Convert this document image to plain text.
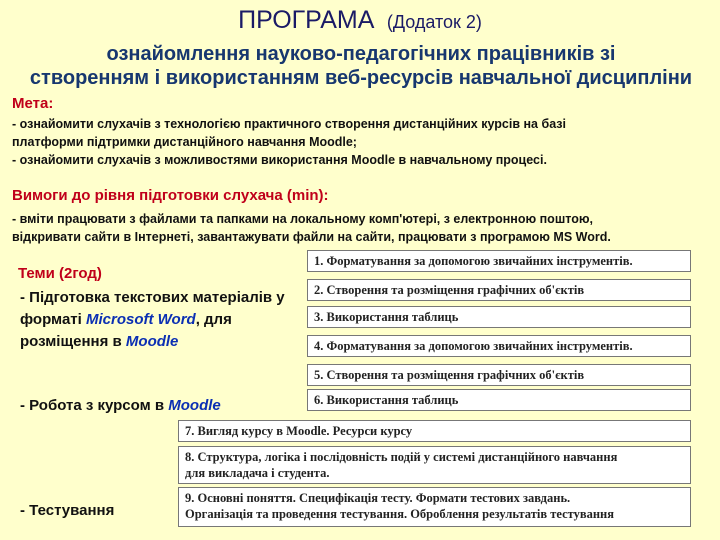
ПРОГРАМА (Додаток 2)
ознайомлення науково-педагогічних працівників зі
створенням і використанням веб-ресурсів навчальної дисципліни
Мета:
- ознайомити слухачів з технологією практичного створення дистанційних курсів на базі
платформи підтримки дистанційного навчання Moodle;
- ознайомити слухачів з можливостями використання Moodle в навчальному процесі.
Вимоги до рівня підготовки слухача (min):
- вміти працювати з файлами та папками на локальному комп'ютері, з електронною поштою,
відкривати сайти в Інтернеті, завантажувати файли на сайти, працювати з програмою MS Word.
Теми (2год)
- Підготовка текстових матеріалів у
форматі Microsoft Word, для
розміщення в Moodle
- Робота з курсом в Moodle
- Тестування
1. Форматування за допомогою звичайних інструментів.
2. Створення та розміщення графічних об'єктів
3. Використання таблиць
4. Форматування за допомогою звичайних інструментів.
5. Створення та розміщення графічних об'єктів
6. Використання таблиць
7. Вигляд курсу в Moodle. Ресурси курсу
8. Структура, логіка і послідовність подій у системі дистанційного навчання
для викладача і студента.
9. Основні поняття. Специфікація тесту. Формати тестових завдань.
Організація та проведення тестування. Оброблення результатів тестування
